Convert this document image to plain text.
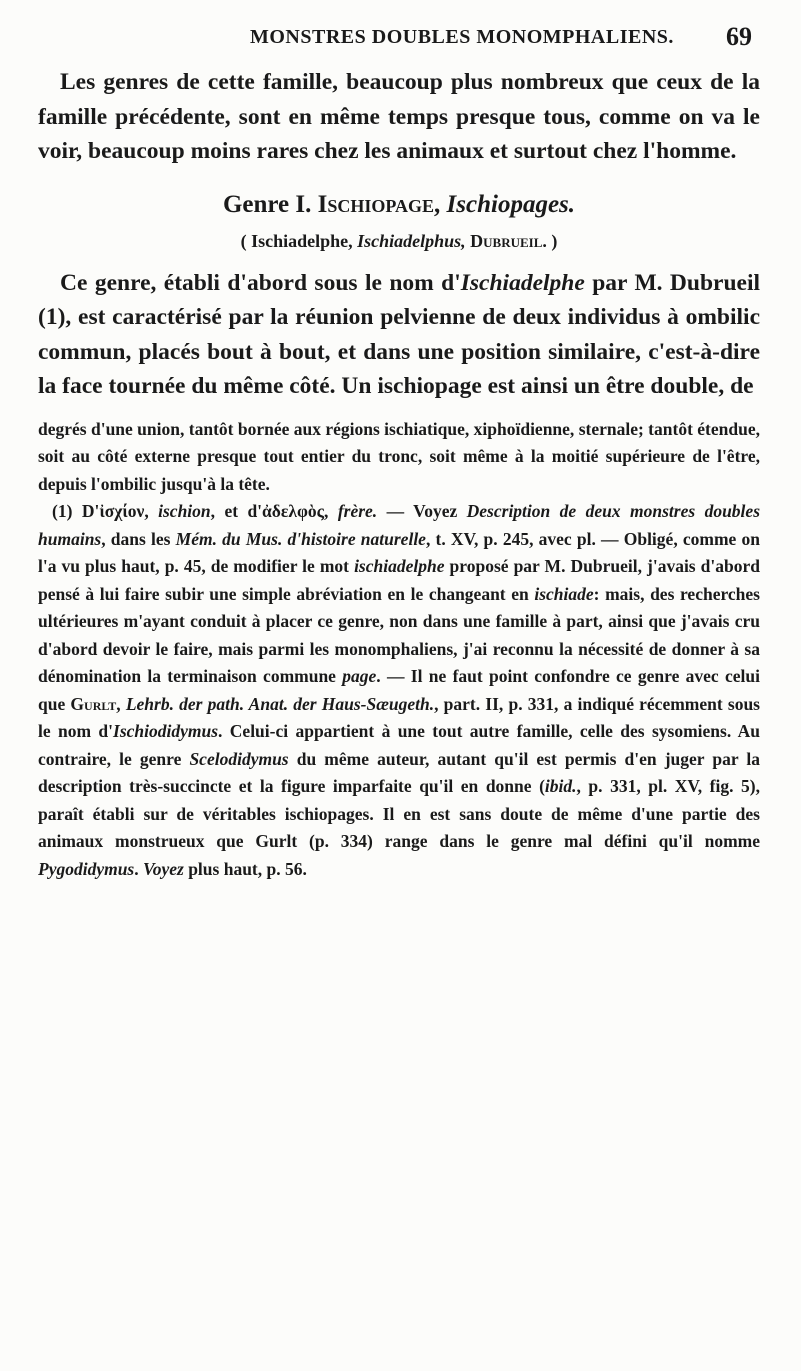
MONSTRES DOUBLES MONOMPHALIENS. 69

Les genres de cette famille, beaucoup plus nombreux que ceux de la famille précédente, sont en même temps presque tous, comme on va le voir, beaucoup moins rares chez les animaux et surtout chez l'homme.

Genre I. Ischiopage, Ischiopages.
( Ischiadelphe, Ischiadelphus, Dubrueil. )

Ce genre, établi d'abord sous le nom d'Ischiadelphe par M. Dubrueil (1), est caractérisé par la réunion pelvienne de deux individus à ombilic commun, placés bout à bout, et dans une position similaire, c'est-à-dire la face tournée du même côté. Un ischiopage est ainsi un être double, de

degrés d'une union, tantôt bornée aux régions ischiatique, xiphoïdienne, sternale; tantôt étendue, soit au côté externe presque tout entier du tronc, soit même à la moitié supérieure de l'être, depuis l'ombilic jusqu'à la tête.

(1) D'ἰσχίον, ischion, et d'ἀδελφὸς, frère. — Voyez Description de deux monstres doubles humains, dans les Mém. du Mus. d'histoire naturelle, t. XV, p. 245, avec pl. — Obligé, comme on l'a vu plus haut, p. 45, de modifier le mot ischiadelphe proposé par M. Dubrueil, j'avais d'abord pensé à lui faire subir une simple abréviation en le changeant en ischiade: mais, des recherches ultérieures m'ayant conduit à placer ce genre, non dans une famille à part, ainsi que j'avais cru d'abord devoir le faire, mais parmi les monomphaliens, j'ai reconnu la nécessité de donner à sa dénomination la terminaison commune page. — Il ne faut point confondre ce genre avec celui que Gurlt, Lehrb. der path. Anat. der Haus-Sæugeth., part. II, p. 331, a indiqué récemment sous le nom d'Ischiodidymus. Celui-ci appartient à une tout autre famille, celle des sysomiens. Au contraire, le genre Scelodidymus du même auteur, autant qu'il est permis d'en juger par la description très-succincte et la figure imparfaite qu'il en donne (ibid., p. 331, pl. XV, fig. 5), paraît établi sur de véritables ischiopages. Il en est sans doute de même d'une partie des animaux monstrueux que Gurlt (p. 334) range dans le genre mal défini qu'il nomme Pygodidymus. Voyez plus haut, p. 56.
